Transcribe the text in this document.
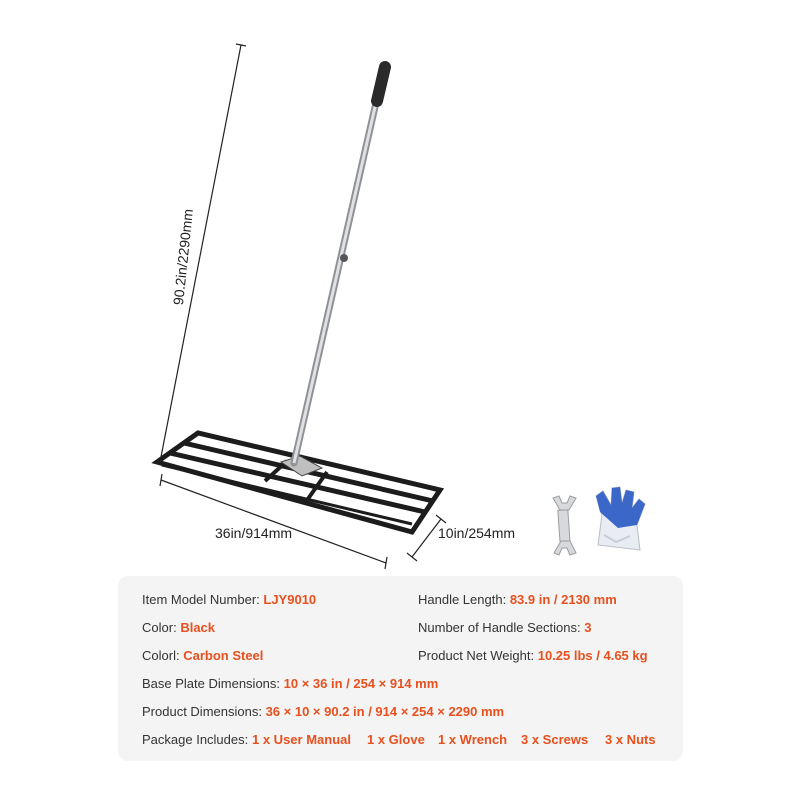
90.2in/2290mm
36in/914mm	10in/254mm
Item Model Number: LJY9010	Handle Length: 83.9 in / 2130 mm
Color: Black	Number of Handle Sections: 3
Colorl: Carbon Steel	Product Net Weight: 10.25 lbs / 4.65 kg
Base Plate Dimensions: 10 × 36 in / 254 × 914 mm
Product Dimensions: 36 × 10 × 90.2 in / 914 × 254 × 2290 mm
Package Includes: 1 x User Manual 1 x Glove 1 x Wrench 3 x Screws 3 x Nuts
